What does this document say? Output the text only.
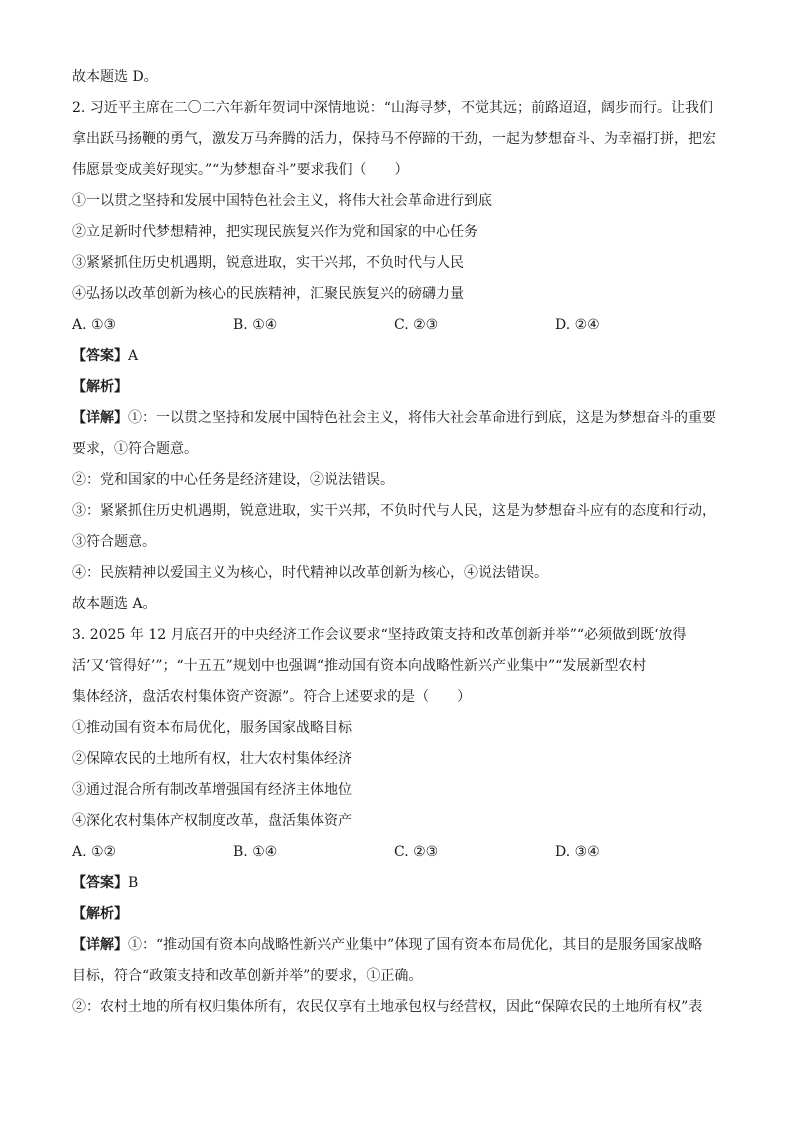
故本题选 D。
2. 习近平主席在二〇二六年新年贺词中深情地说：“山海寻梦，不觉其远；前路迢迢，阔步而行。让我们
拿出跃马扬鞭的勇气，激发万马奔腾的活力，保持马不停蹄的干劲，一起为梦想奋斗、为幸福打拼，把宏
伟愿景变成美好现实。”“为梦想奋斗”要求我们（　　）
①一以贯之坚持和发展中国特色社会主义，将伟大社会革命进行到底
②立足新时代梦想精神，把实现民族复兴作为党和国家的中心任务
③紧紧抓住历史机遇期，锐意进取，实干兴邦，不负时代与人民
④弘扬以改革创新为核心的民族精神，汇聚民族复兴的磅礴力量
A. ①③	B. ①④	C. ②③	D. ②④
【答案】A
【解析】
【详解】①：一以贯之坚持和发展中国特色社会主义，将伟大社会革命进行到底，这是为梦想奋斗的重要
要求，①符合题意。
②：党和国家的中心任务是经济建设，②说法错误。
③：紧紧抓住历史机遇期，锐意进取，实干兴邦，不负时代与人民，这是为梦想奋斗应有的态度和行动，
③符合题意。
④：民族精神以爱国主义为核心，时代精神以改革创新为核心，④说法错误。
故本题选 A。
3. 2025 年 12 月底召开的中央经济工作会议要求“坚持政策支持和改革创新并举”“必须做到既‘放得
活’又‘管得好’”；“十五五”规划中也强调“推动国有资本向战略性新兴产业集中”“发展新型农村
集体经济，盘活农村集体资产资源”。符合上述要求的是（　　）
①推动国有资本布局优化，服务国家战略目标
②保障农民的土地所有权，壮大农村集体经济
③通过混合所有制改革增强国有经济主体地位
④深化农村集体产权制度改革，盘活集体资产
A. ①②	B. ①④	C. ②③	D. ③④
【答案】B
【解析】
【详解】①：“推动国有资本向战略性新兴产业集中”体现了国有资本布局优化，其目的是服务国家战略
目标，符合“政策支持和改革创新并举”的要求，①正确。
②：农村土地的所有权归集体所有，农民仅享有土地承包权与经营权，因此“保障农民的土地所有权”表
